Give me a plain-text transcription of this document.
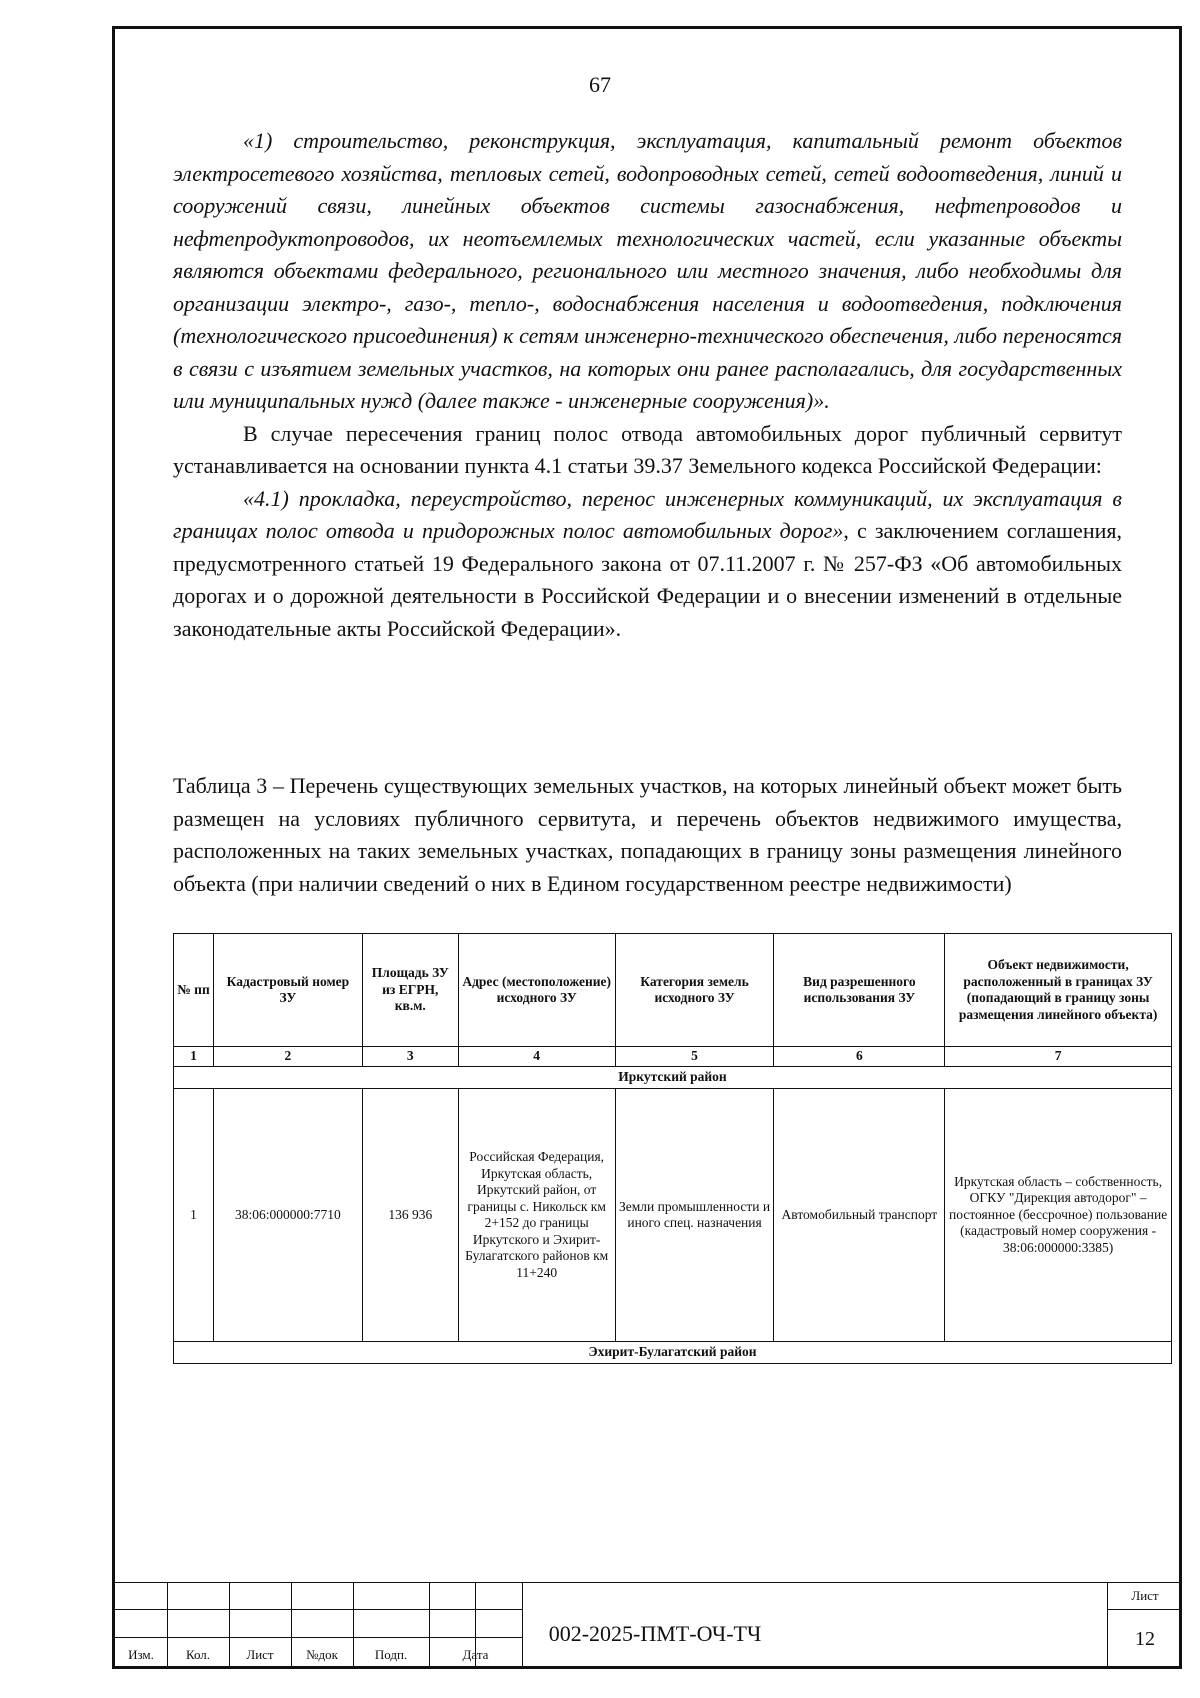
67

«1) строительство, реконструкция, эксплуатация, капитальный ремонт объектов электросетевого хозяйства, тепловых сетей, водопроводных сетей, сетей водоотведения, линий и сооружений связи, линейных объектов системы газоснабжения, нефтепроводов и нефтепродуктопроводов, их неотъемлемых технологических частей, если указанные объекты являются объектами федерального, регионального или местного значения, либо необходимы для организации электро-, газо-, тепло-, водоснабжения населения и водоотведения, подключения (технологического присоединения) к сетям инженерно-технического обеспечения, либо переносятся в связи с изъятием земельных участков, на которых они ранее располагались, для государственных или муниципальных нужд (далее также - инженерные сооружения)».

В случае пересечения границ полос отвода автомобильных дорог публичный сервитут устанавливается на основании пункта 4.1 статьи 39.37 Земельного кодекса Российской Федерации:

«4.1) прокладка, переустройство, перенос инженерных коммуникаций, их эксплуатация в границах полос отвода и придорожных полос автомобильных дорог», с заключением соглашения, предусмотренного статьей 19 Федерального закона от 07.11.2007 г. № 257-ФЗ «Об автомобильных дорогах и о дорожной деятельности в Российской Федерации и о внесении изменений в отдельные законодательные акты Российской Федерации».

Таблица 3 – Перечень существующих земельных участков, на которых линейный объект может быть размещен на условиях публичного сервитута, и перечень объектов недвижимого имущества, расположенных на таких земельных участках, попадающих в границу зоны размещения линейного объекта (при наличии сведений о них в Едином государственном реестре недвижимости)

№ пп	Кадастровый номер ЗУ	Площадь ЗУ из ЕГРН, кв.м.	Адрес (местоположение) исходного ЗУ	Категория земель исходного ЗУ	Вид разрешенного использования ЗУ	Объект недвижимости, расположенный в границах ЗУ (попадающий в границу зоны размещения линейного объекта)
1	2	3	4	5	6	7
Иркутский район						
1	38:06:000000:7710	136 936	Российская Федерация, Иркутская область, Иркутский район, от границы с. Никольск км 2+152 до границы Иркутского и Эхирит-Булагатского районов км 11+240	Земли промышленности и иного спец. назначения	Автомобильный транспорт	Иркутская область – собственность, ОГКУ "Дирекция автодорог" – постоянное (бессрочное) пользование (кадастровый номер сооружения - 38:06:000000:3385)
Эхирит-Булагатский район						
Изм.	Кол.	Лист	№док	Подп.	Дата
002-2025-ПМТ-ОЧ-ТЧ
Лист
12
